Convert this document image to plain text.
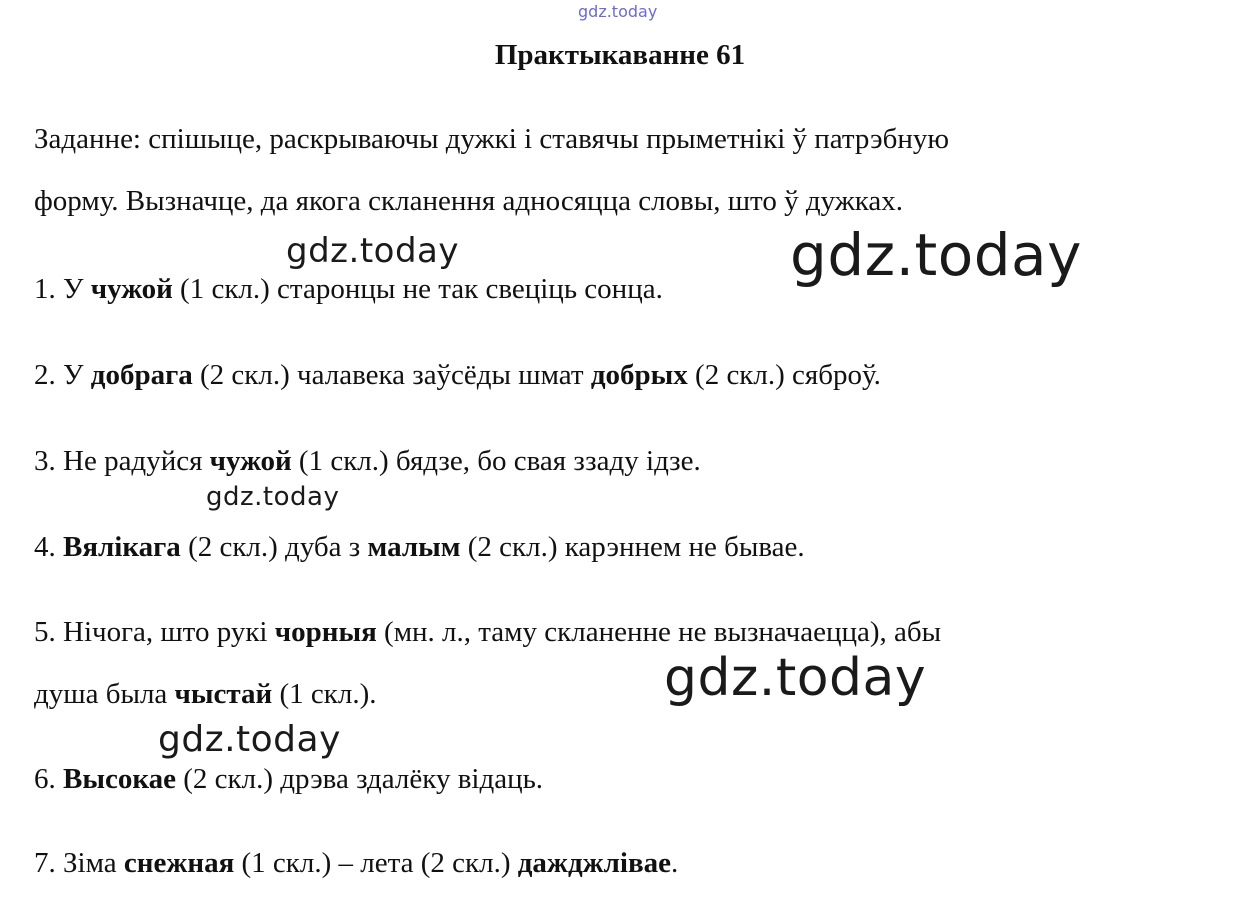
gdz.today
Практыкаванне 61
Заданне: спішыце, раскрываючы дужкі і ставячы прыметнікі ў патрэбную
форму. Вызначце, да якога скланення адносяцца словы, што ў дужках.
1. У чужой (1 скл.) старонцы не так свеціць сонца.
2. У добрага (2 скл.) чалавека заўсёды шмат добрых (2 скл.) сяброў.
3. Не радуйся чужой (1 скл.) бядзе, бо свая ззаду ідзе.
4. Вялікага (2 скл.) дуба з малым (2 скл.) карэннем не бывае.
5. Нічога, што рукі чорныя (мн. л., таму скланенне не вызначаецца), абы
душа была чыстай (1 скл.).
6. Высокае (2 скл.) дрэва здалёку відаць.
7. Зіма снежная (1 скл.) – лета (2 скл.) дажджлівае.
gdz.today	gdz.today
gdz.today
gdz.today
gdz.today
